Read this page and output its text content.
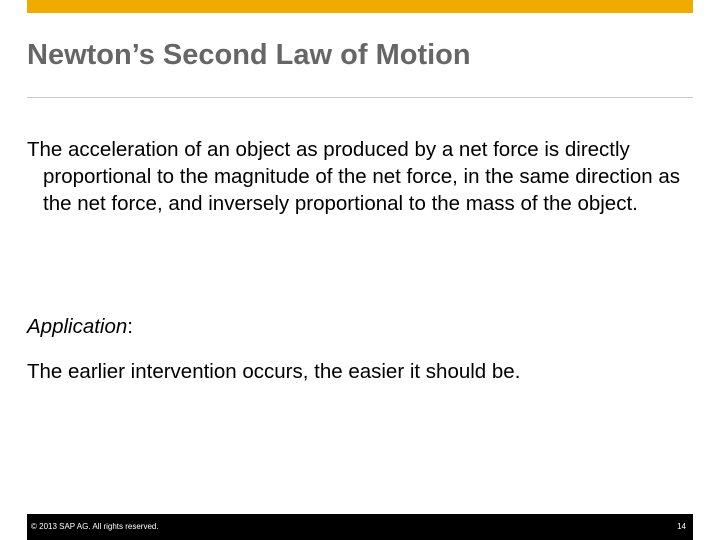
Newton’s Second Law of Motion

The acceleration of an object as produced by a net force is directly proportional to the magnitude of the net force, in the same direction as the net force, and inversely proportional to the mass of the object.

Application:

The earlier intervention occurs, the easier it should be.

© 2013 SAP AG. All rights reserved.	14
